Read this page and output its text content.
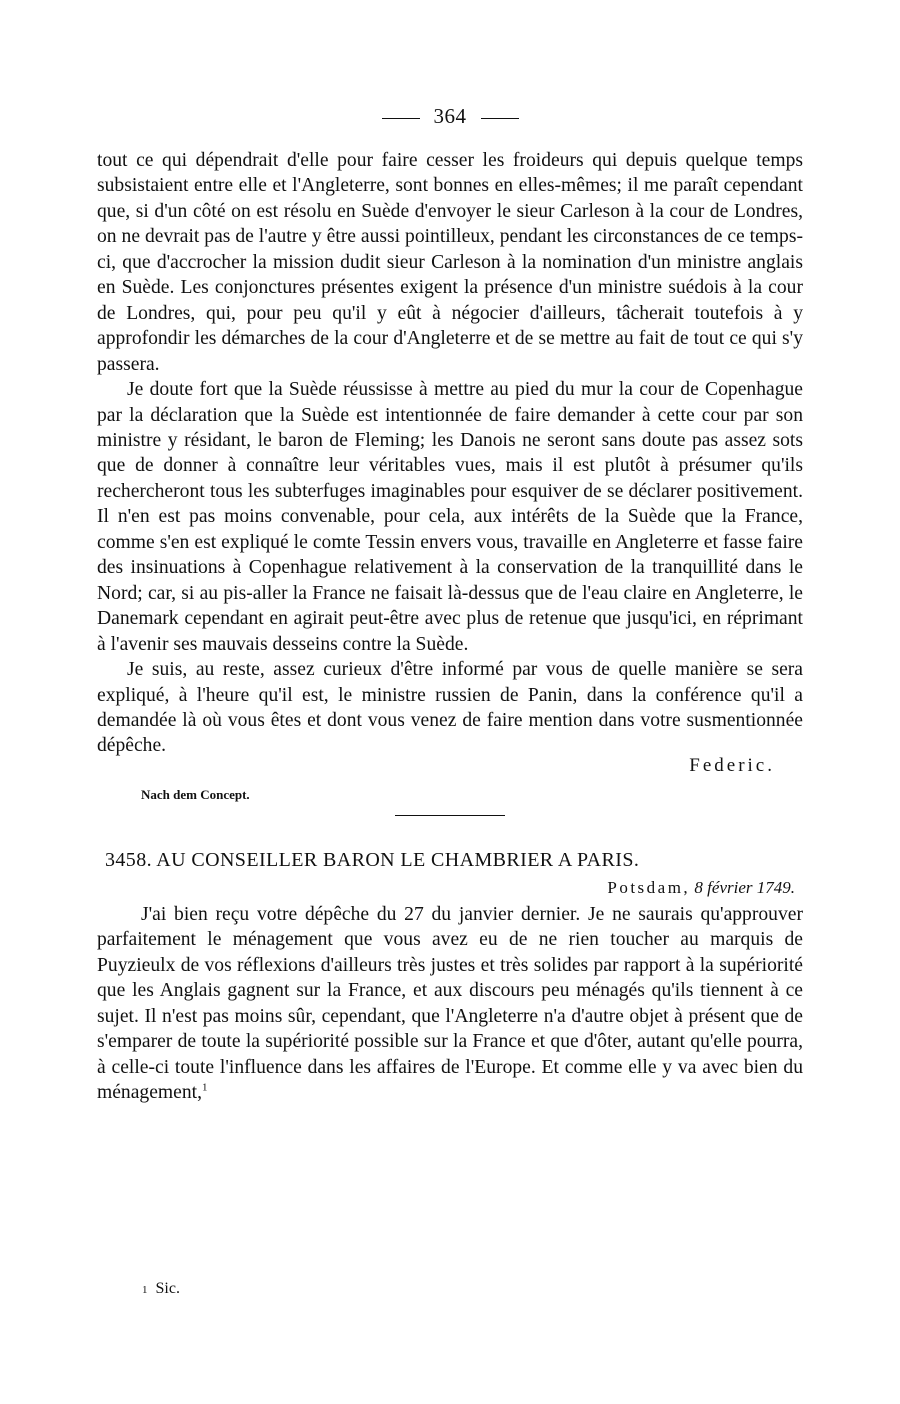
364

tout ce qui dépendrait d'elle pour faire cesser les froideurs qui depuis quelque temps subsistaient entre elle et l'Angleterre, sont bonnes en elles-mêmes; il me paraît cependant que, si d'un côté on est résolu en Suède d'envoyer le sieur Carleson à la cour de Londres, on ne devrait pas de l'autre y être aussi pointilleux, pendant les circonstances de ce temps-ci, que d'accrocher la mission dudit sieur Carleson à la nomination d'un ministre anglais en Suède. Les conjonctures présentes exigent la présence d'un ministre suédois à la cour de Londres, qui, pour peu qu'il y eût à négocier d'ailleurs, tâcherait toutefois à y approfondir les démarches de la cour d'Angleterre et de se mettre au fait de tout ce qui s'y passera.

Je doute fort que la Suède réussisse à mettre au pied du mur la cour de Copenhague par la déclaration que la Suède est intentionnée de faire demander à cette cour par son ministre y résidant, le baron de Fleming; les Danois ne seront sans doute pas assez sots que de donner à connaître leur véritables vues, mais il est plutôt à présumer qu'ils rechercheront tous les subterfuges imaginables pour esquiver de se déclarer positivement. Il n'en est pas moins convenable, pour cela, aux intérêts de la Suède que la France, comme s'en est expliqué le comte Tessin envers vous, travaille en Angleterre et fasse faire des insinuations à Copenhague relativement à la conservation de la tranquillité dans le Nord; car, si au pis-aller la France ne faisait là-dessus que de l'eau claire en Angleterre, le Danemark cependant en agirait peut-être avec plus de retenue que jusqu'ici, en réprimant à l'avenir ses mauvais desseins contre la Suède.

Je suis, au reste, assez curieux d'être informé par vous de quelle manière se sera expliqué, à l'heure qu'il est, le ministre russien de Panin, dans la conférence qu'il a demandée là où vous êtes et dont vous venez de faire mention dans votre susmentionnée dépêche.

Federic.
Nach dem Concept.
3458. AU CONSEILLER BARON LE CHAMBRIER A PARIS.
Potsdam, 8 février 1749.

J'ai bien reçu votre dépêche du 27 du janvier dernier. Je ne saurais qu'approuver parfaitement le ménagement que vous avez eu de ne rien toucher au marquis de Puyzieulx de vos réflexions d'ailleurs très justes et très solides par rapport à la supériorité que les Anglais gagnent sur la France, et aux discours peu ménagés qu'ils tiennent à ce sujet. Il n'est pas moins sûr, cependant, que l'Angleterre n'a d'autre objet à présent que de s'emparer de toute la supériorité possible sur la France et que d'ôter, autant qu'elle pourra, à celle-ci toute l'influence dans les affaires de l'Europe. Et comme elle y va avec bien du ménagement,$^1$

1 Sic.
